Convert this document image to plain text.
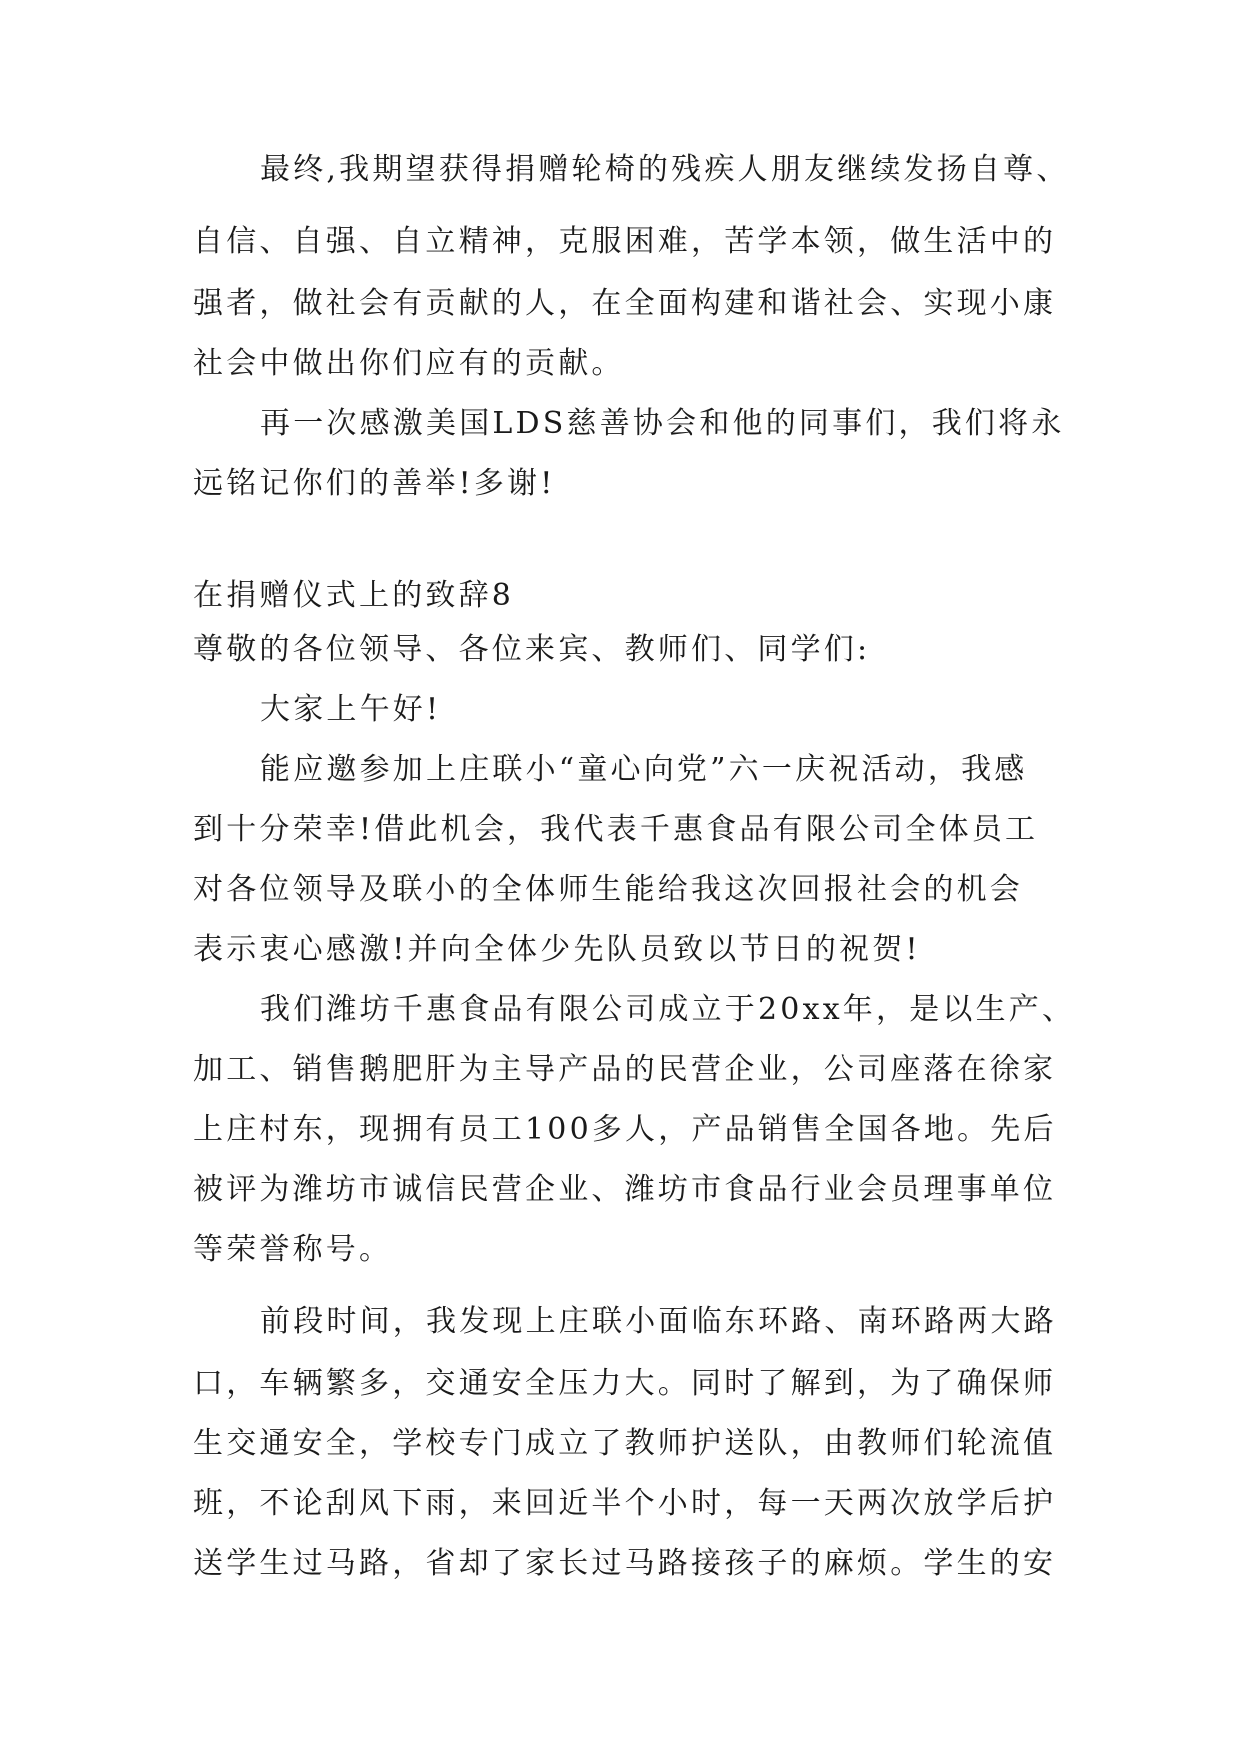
最终,我期望获得捐赠轮椅的残疾人朋友继续发扬自尊、
自信、自强、自立精神，克服困难，苦学本领，做生活中的
强者，做社会有贡献的人，在全面构建和谐社会、实现小康
社会中做出你们应有的贡献。
再一次感激美国LDS慈善协会和他的同事们，我们将永
远铭记你们的善举!多谢!
在捐赠仪式上的致辞8
尊敬的各位领导、各位来宾、教师们、同学们:
大家上午好!
能应邀参加上庄联小“童心向党”六一庆祝活动，我感
到十分荣幸!借此机会，我代表千惠食品有限公司全体员工
对各位领导及联小的全体师生能给我这次回报社会的机会
表示衷心感激!并向全体少先队员致以节日的祝贺!
我们潍坊千惠食品有限公司成立于20xx年，是以生产、
加工、销售鹅肥肝为主导产品的民营企业，公司座落在徐家
上庄村东，现拥有员工100多人，产品销售全国各地。先后
被评为潍坊市诚信民营企业、潍坊市食品行业会员理事单位
等荣誉称号。
前段时间，我发现上庄联小面临东环路、南环路两大路
口，车辆繁多，交通安全压力大。同时了解到，为了确保师
生交通安全，学校专门成立了教师护送队，由教师们轮流值
班，不论刮风下雨，来回近半个小时，每一天两次放学后护
送学生过马路，省却了家长过马路接孩子的麻烦。学生的安
